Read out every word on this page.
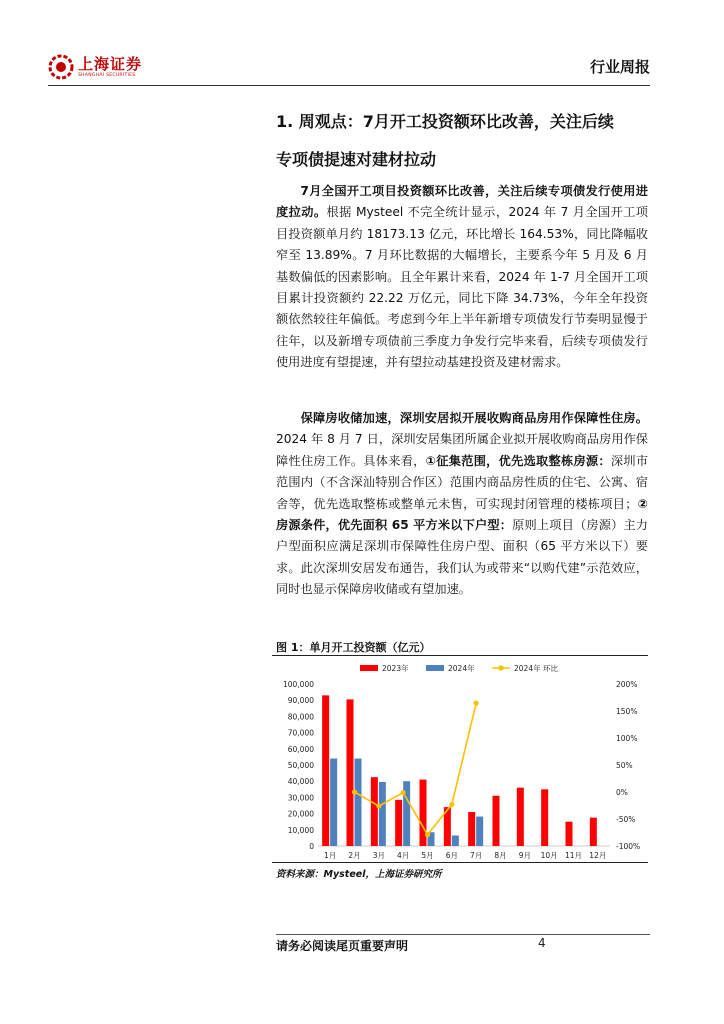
上海证券
SHANGHAI SECURITIES	行业周报
1. 周观点：7月开工投资额环比改善，关注后续
专项债提速对建材拉动
  7月全国开工项目投资额环比改善，关注后续专项债发行使用进度拉动。根据 Mysteel 不完全统计显示，2024 年 7 月全国开工项目投资额单月约 18173.13 亿元，环比增长 164.53%，同比降幅收窄至 13.89%。7 月环比数据的大幅增长，主要系今年 5 月及 6 月基数偏低的因素影响。且全年累计来看，2024 年 1-7 月全国开工项目累计投资额约 22.22 万亿元，同比下降 34.73%，今年全年投资额依然较往年偏低。考虑到今年上半年新增专项债发行节奏明显慢于往年，以及新增专项债前三季度力争发行完毕来看，后续专项债发行使用进度有望提速，并有望拉动基建投资及建材需求。
  保障房收储加速，深圳安居拟开展收购商品房用作保障性住房。2024 年 8 月 7 日，深圳安居集团所属企业拟开展收购商品房用作保障性住房工作。具体来看，①征集范围，优先选取整栋房源：深圳市范围内（不含深汕特别合作区）范围内商品房性质的住宅、公寓、宿舍等，优先选取整栋或整单元未售，可实现封闭管理的楼栋项目；②房源条件，优先面积 65 平方米以下户型：原则上项目（房源）主力户型面积应满足深圳市保障性住房户型、面积（65 平方米以下）要求。此次深圳安居发布通告，我们认为或带来“以购代建”示范效应，同时也显示保障房收储或有望加速。
图 1：单月开工投资额（亿元）
0
10,000
20,000
30,000
40,000
50,000
60,000
70,000
80,000
90,000
100,000
-100%
-50%
0%
50%
100%
150%
200%
1月 2月 3月 4月 5月 6月 7月 8月 9月 10月 11月 12月
2023年	2024年	2024年 环比
资料来源：Mysteel，上海证券研究所
请务必阅读尾页重要声明	4
